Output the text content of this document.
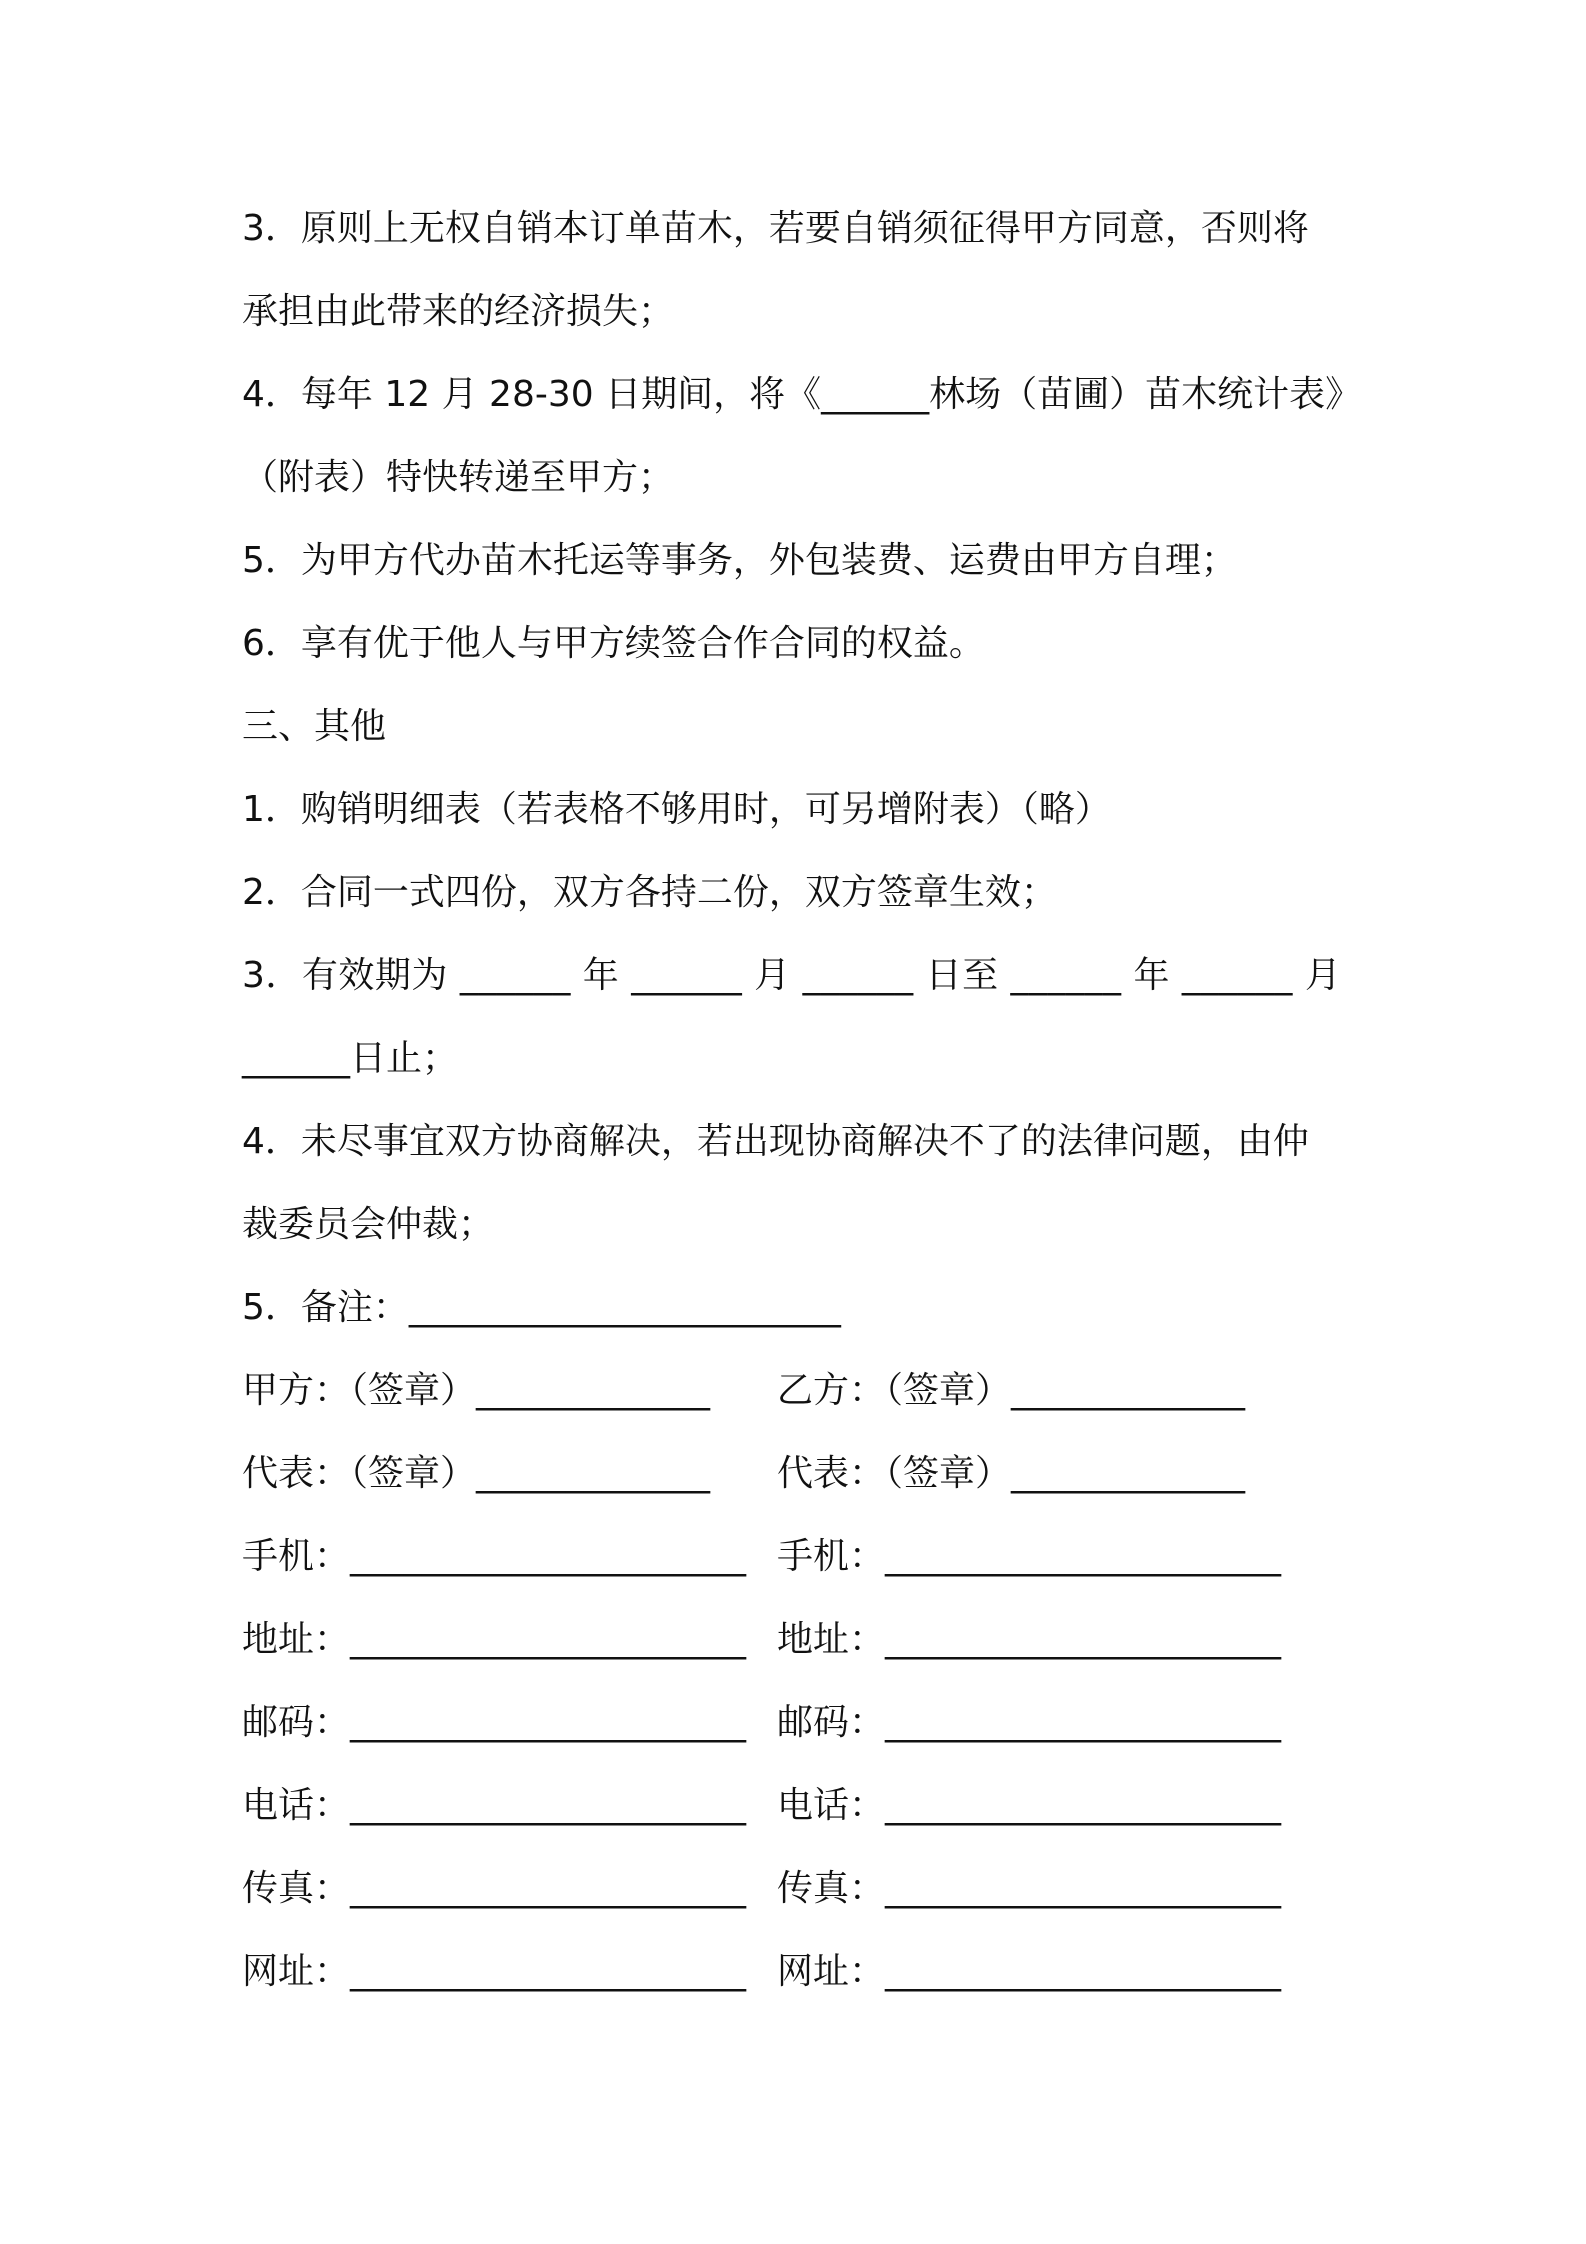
3．原则上无权自销本订单苗木，若要自销须征得甲方同意，否则将
承担由此带来的经济损失；
4．每年 12 月 28-30 日期间，将《______林场（苗圃）苗木统计表》
（附表）特快转递至甲方；
5．为甲方代办苗木托运等事务，外包装费、运费由甲方自理；
6．享有优于他人与甲方续签合作合同的权益。
三、其他
1．购销明细表（若表格不够用时，可另增附表）（略）
2．合同一式四份，双方各持二份，双方签章生效；
3．有效期为 ______ 年 ______ 月 ______ 日至 ______ 年 ______ 月
______日止；
4．未尽事宜双方协商解决，若出现协商解决不了的法律问题，由仲
裁委员会仲裁；
5．备注：________________________

甲方：（签章）_____________

乙方：（签章）_____________

代表：（签章）_____________

代表：（签章）_____________

手机：______________________

手机：______________________

地址：______________________

地址：______________________

邮码：______________________

邮码：______________________

电话：______________________

电话：______________________

传真：______________________

传真：______________________

网址：______________________

网址：______________________
